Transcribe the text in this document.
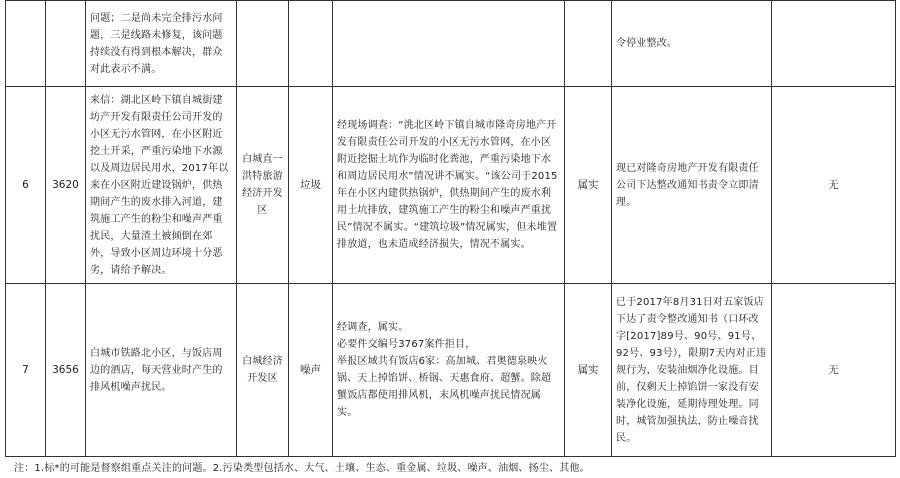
		问题；二是尚未完全排污水问题，三是线路未修复，该问题持续没有得到根本解决，群众对此表示不满。					令停业整改。	
6	3620	来信：湖北区岭下镇自城街建坊产开发有限责任公司开发的小区无污水管网，在小区附近挖土开采，严重污染地下水源以及周边居民用水，2017年以来在小区附近建设锅炉，供热期间产生的废水排入河道，建筑施工产生的粉尘和噪声严重扰民，大量渣土被倾倒在郊外，导致小区周边环境十分恶劣，请给予解决。	白城直一洪特旅游经济开发区	垃圾	经现场调查：“洮北区岭下镇自城市隆奇房地产开发有限责任公司开发的小区无污水管网，在小区附近挖掘土坑作为临时化粪池，严重污染地下水和周边居民用水”情况讲不属实。“该公司于2015年在小区内建供热锅炉，供热期间产生的废水利用土坑排放，建筑施工产生的粉尘和噪声严重扰民”情况不属实。“建筑垃圾”情况属实，但未堆置排放道，也未造成经济损失，情况不属实。	属实	现已对隆奇房地产开发有限责任公司下达整改通知书责令立即清理。	无
7	3656	白城市铁路北小区，与饭店周边的酒店，每天营业时产生的排风机噪声扰民。	白城经济开发区	噪声	经调查，属实。
必要件交编号3767案件拒目，
举报区域共有饭店6家：高加城、君奥德泉映火锅、天上掉馅饼、桥锅、天惠食府、超蟹。除超蟹饭店都使用排风机，末风机噪声扰民情况属实。	属实	已于2017年8月31日对五家饭店下达了责令整改通知书（口环改字[2017]89号、90号、91号、92号、93号），限期7天内对正违规行为，安装油烟净化设施。目前，仅剩天上掉馅饼一家没有安装净化设施，延期待理处理。同时，城管加强执法，防止噪音扰民。	无
注：1.标*的可能是督察组重点关注的问题。2.污染类型包括水、大气、土壤、生态、重金属、垃圾、噪声、油烟、扬尘、其他。
